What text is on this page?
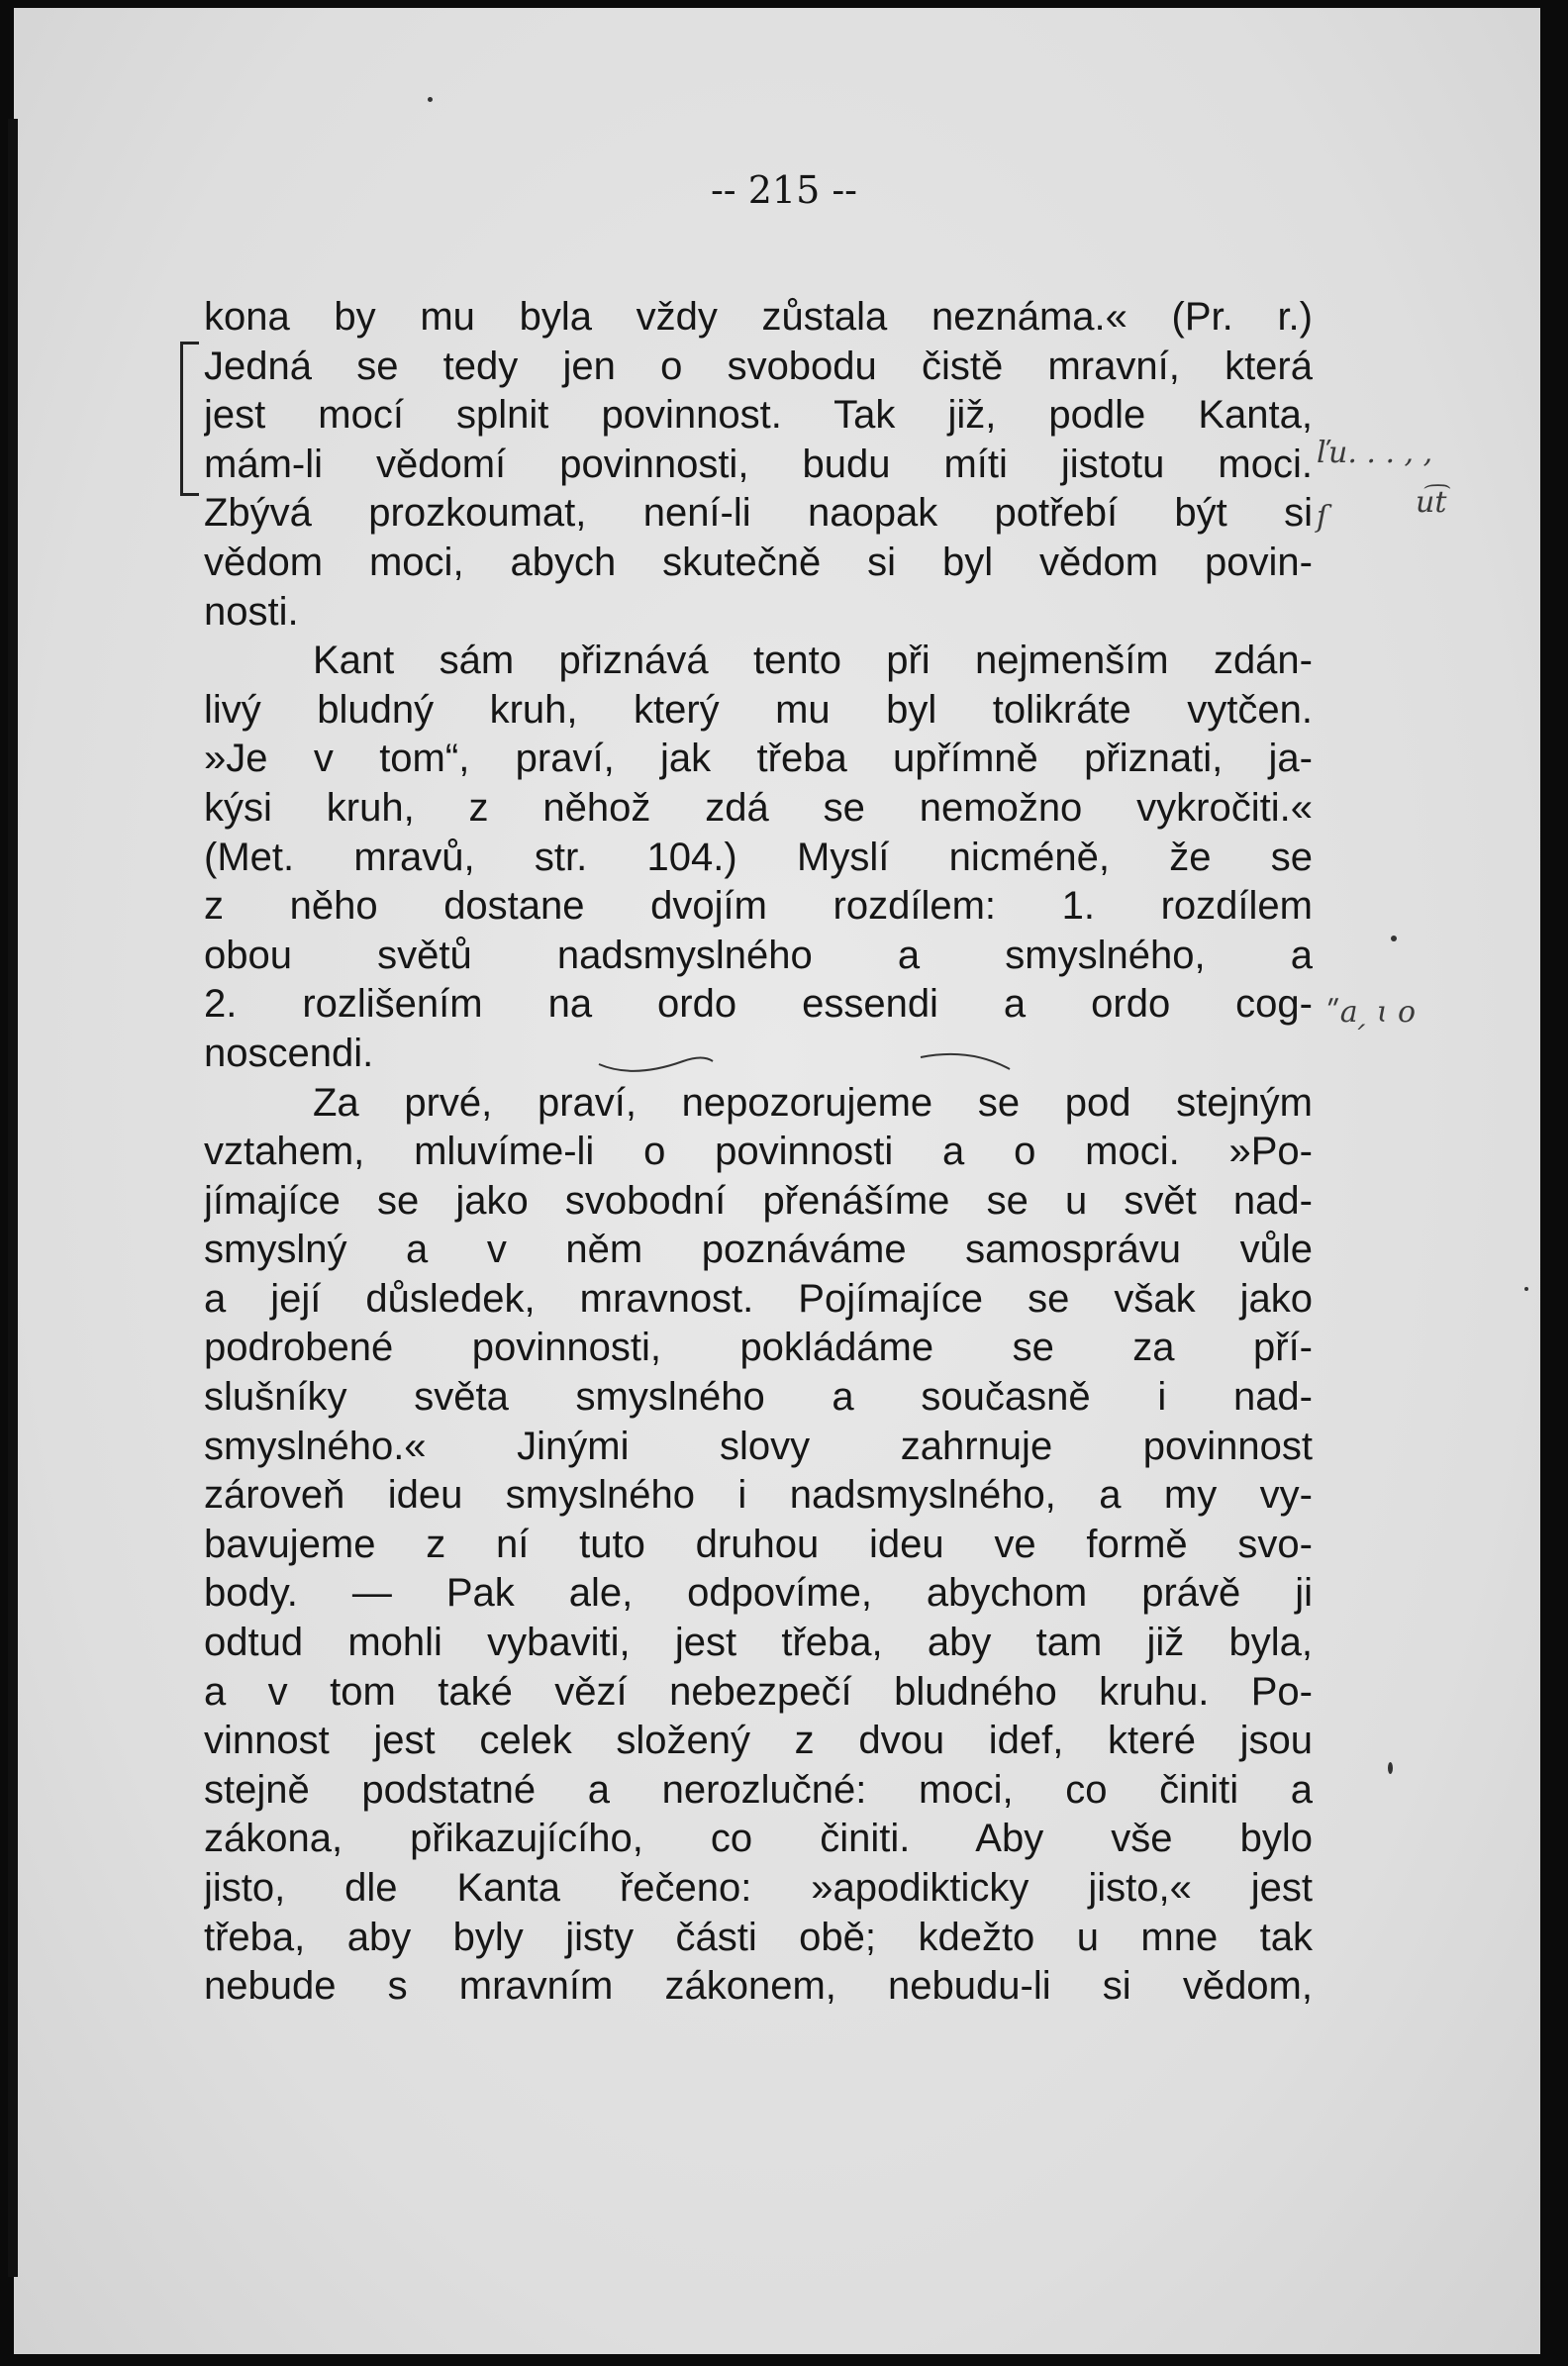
-- 215 --
kona by mu byla vždy zůstala neznáma.« (Pr. r.)
Jedná se tedy jen o svobodu čistě mravní, která
jest mocí splnit povinnost. Tak již, podle Kanta,
mám-li vědomí povinnosti, budu míti jistotu moci.
Zbývá prozkoumat, není-li naopak potřebí být si
vědom moci, abych skutečně si byl vědom povin-
nosti.
Kant sám přiznává tento při nejmenším zdán-
livý bludný kruh, který mu byl tolikráte vytčen.
»Je v tom“, praví, jak třeba upřímně přiznati, ja-
kýsi kruh, z něhož zdá se nemožno vykročiti.«
(Met. mravů, str. 104.) Myslí nicméně, že se
z něho dostane dvojím rozdílem: 1. rozdílem
obou světů nadsmyslného a smyslného, a
2. rozlišením na ordo essendi a ordo cog-
noscendi.
Za prvé, praví, nepozorujeme se pod stejným
vztahem, mluvíme-li o povinnosti a o moci. »Po-
jímajíce se jako svobodní přenášíme se u svět nad-
smyslný a v něm poznáváme samosprávu vůle
a její důsledek, mravnost. Pojímajíce se však jako
podrobené povinnosti, pokládáme se za pří-
slušníky světa smyslného a současně i nad-
smyslného.« Jinými slovy zahrnuje povinnost
zároveň ideu smyslného i nadsmyslného, a my vy-
bavujeme z ní tuto druhou ideu ve formě svo-
body. — Pak ale, odpovíme, abychom právě ji
odtud mohli vybaviti, jest třeba, aby tam již byla,
a v tom také vězí nebezpečí bludného kruhu. Po-
vinnost jest celek složený z dvou idef, které jsou
stejně podstatné a nerozlučné: moci, co činiti a
zákona, přikazujícího, co činiti. Aby vše bylo
jisto, dle Kanta řečeno: »apodikticky jisto,« jest
třeba, aby byly jisty části obě; kdežto u mne tak
nebude s mravním zákonem, nebudu-li si vědom,
ľu. . . , ,
ſ	u͡t
ʺa ̗ ɩ o
